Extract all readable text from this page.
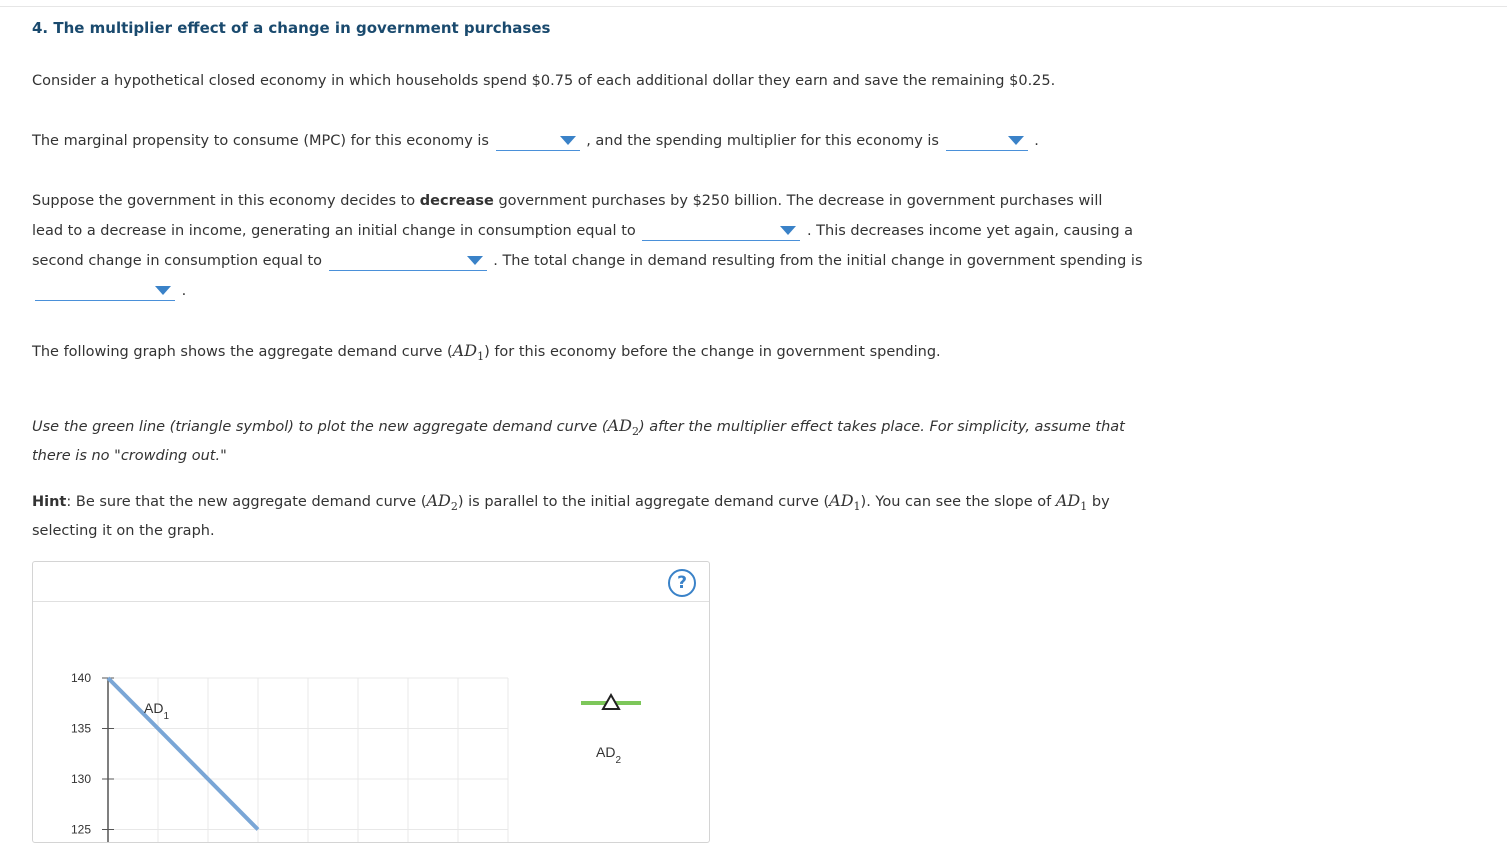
4. The multiplier effect of a change in government purchases
Consider a hypothetical closed economy in which households spend $0.75 of each additional dollar they earn and save the remaining $0.25.
The marginal propensity to consume (MPC) for this economy is	, and the spending multiplier for this economy is	.
Suppose the government in this economy decides to decrease government purchases by $250 billion. The decrease in government purchases will
lead to a decrease in income, generating an initial change in consumption equal to	. This decreases income yet again, causing a
second change in consumption equal to	. The total change in demand resulting from the initial change in government spending is
.
The following graph shows the aggregate demand curve $(AD_1)$ for this economy before the change in government spending.
Use the green line (triangle symbol) to plot the new aggregate demand curve $(AD_2)$ after the multiplier effect takes place. For simplicity, assume that
there is no "crowding out."
Hint: Be sure that the new aggregate demand curve $(AD_2)$ is parallel to the initial aggregate demand curve $(AD_1)$. You can see the slope of $AD_1$ by
selecting it on the graph.
?
140
135
130
125
$AD_1$
$AD_2$
